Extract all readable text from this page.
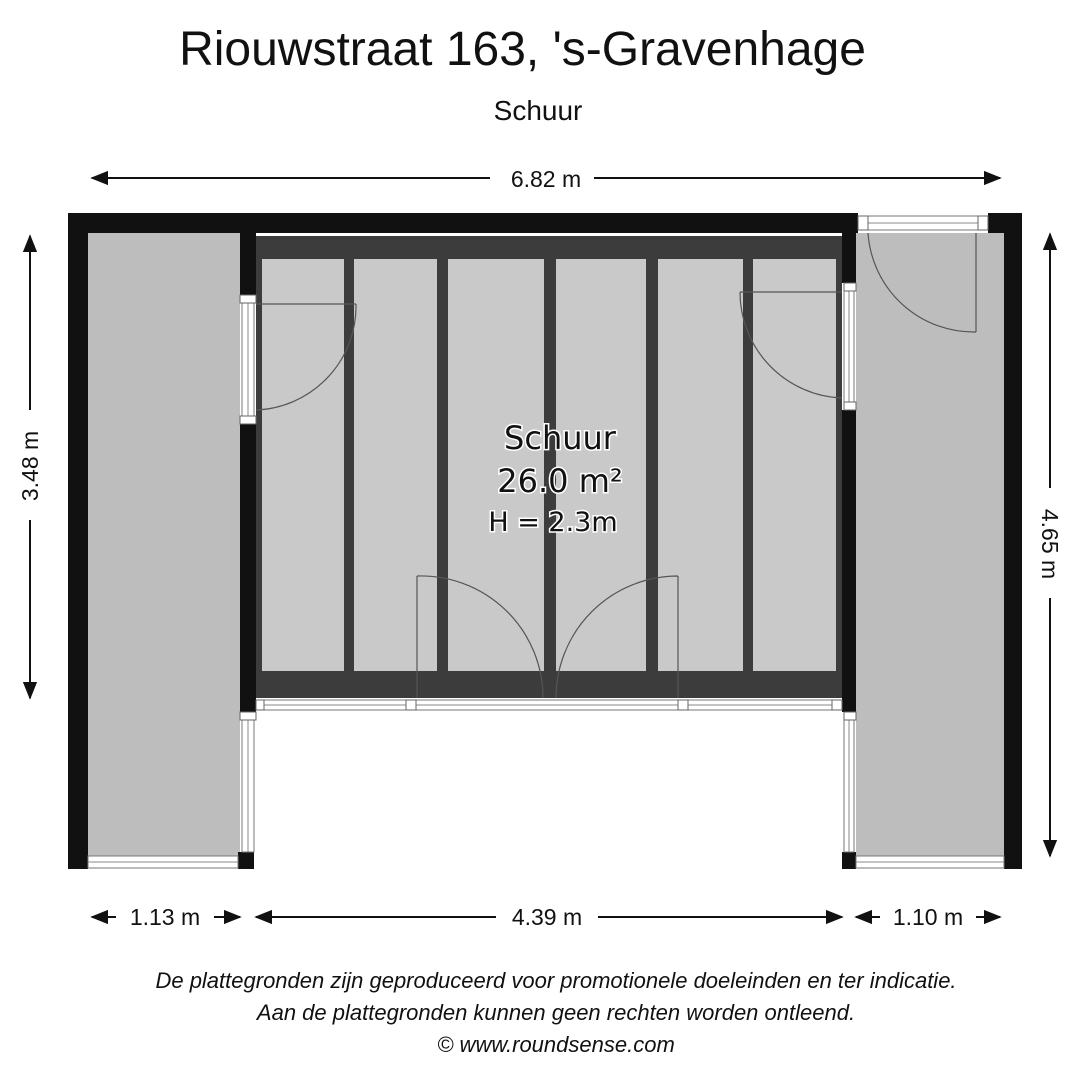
Riouwstraat 163, 's-Gravenhage
Schuur
6.82 m
3.48 m
4.65 m
1.13 m	4.39 m	1.10 m
Schuur
26.0 m²
H = 2.3m
De plattegronden zijn geproduceerd voor promotionele doeleinden en ter indicatie.
Aan de plattegronden kunnen geen rechten worden ontleend.
© www.roundsense.com
